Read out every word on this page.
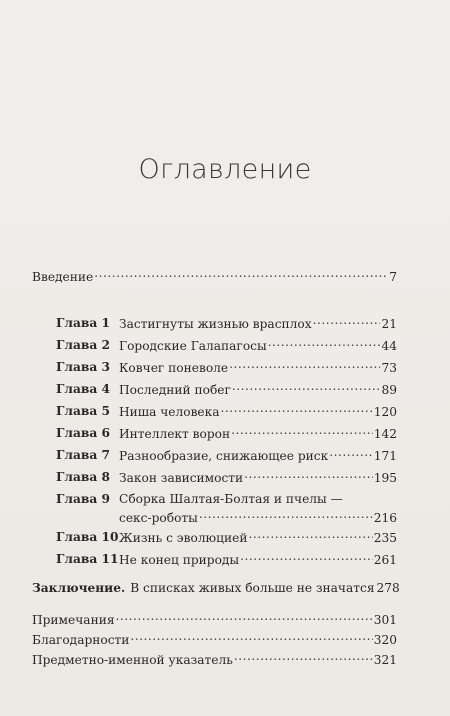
Оглавление
Введение .....	7
Глава 1 Застигнуты жизнью врасплох .....	21
Глава 2 Городские Галапагосы .....	44
Глава 3 Ковчег поневоле .....	73
Глава 4 Последний побег .....	89
Глава 5 Ниша человека .....	120
Глава 6 Интеллект ворон .....	142
Глава 7 Разнообразие, снижающее риск .....	171
Глава 8 Закон зависимости .....	195
Глава 9 Сборка Шалтая-Болтая и пчелы —
секс-роботы .....	216
Глава 10 Жизнь с эволюцией .....	235
Глава 11 Не конец природы .....	261
Заключение. В списках живых больше не значатся 278
Примечания .....	301
Благодарности .....	320
Предметно-именной указатель .....	321
